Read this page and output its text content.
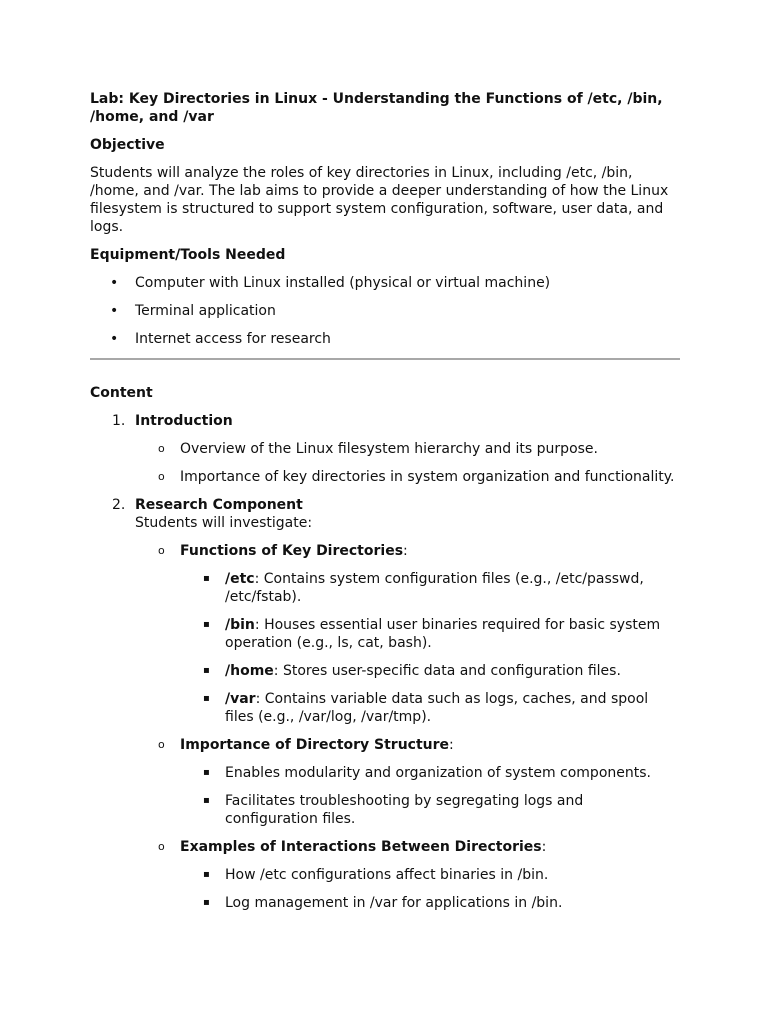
Lab: Key Directories in Linux - Understanding the Functions of /etc, /bin, /home, and /var
Objective
Students will analyze the roles of key directories in Linux, including /etc, /bin, /home, and /var. The lab aims to provide a deeper understanding of how the Linux filesystem is structured to support system configuration, software, user data, and logs.
Equipment/Tools Needed
• Computer with Linux installed (physical or virtual machine)
• Terminal application
• Internet access for research
Content
1. Introduction
o Overview of the Linux filesystem hierarchy and its purpose.
o Importance of key directories in system organization and functionality.
2. Research Component
Students will investigate:
o Functions of Key Directories:
▪ /etc: Contains system configuration files (e.g., /etc/passwd, /etc/fstab).
▪ /bin: Houses essential user binaries required for basic system operation (e.g., ls, cat, bash).
▪ /home: Stores user-specific data and configuration files.
▪ /var: Contains variable data such as logs, caches, and spool files (e.g., /var/log, /var/tmp).
o Importance of Directory Structure:
▪ Enables modularity and organization of system components.
▪ Facilitates troubleshooting by segregating logs and configuration files.
o Examples of Interactions Between Directories:
▪ How /etc configurations affect binaries in /bin.
▪ Log management in /var for applications in /bin.
